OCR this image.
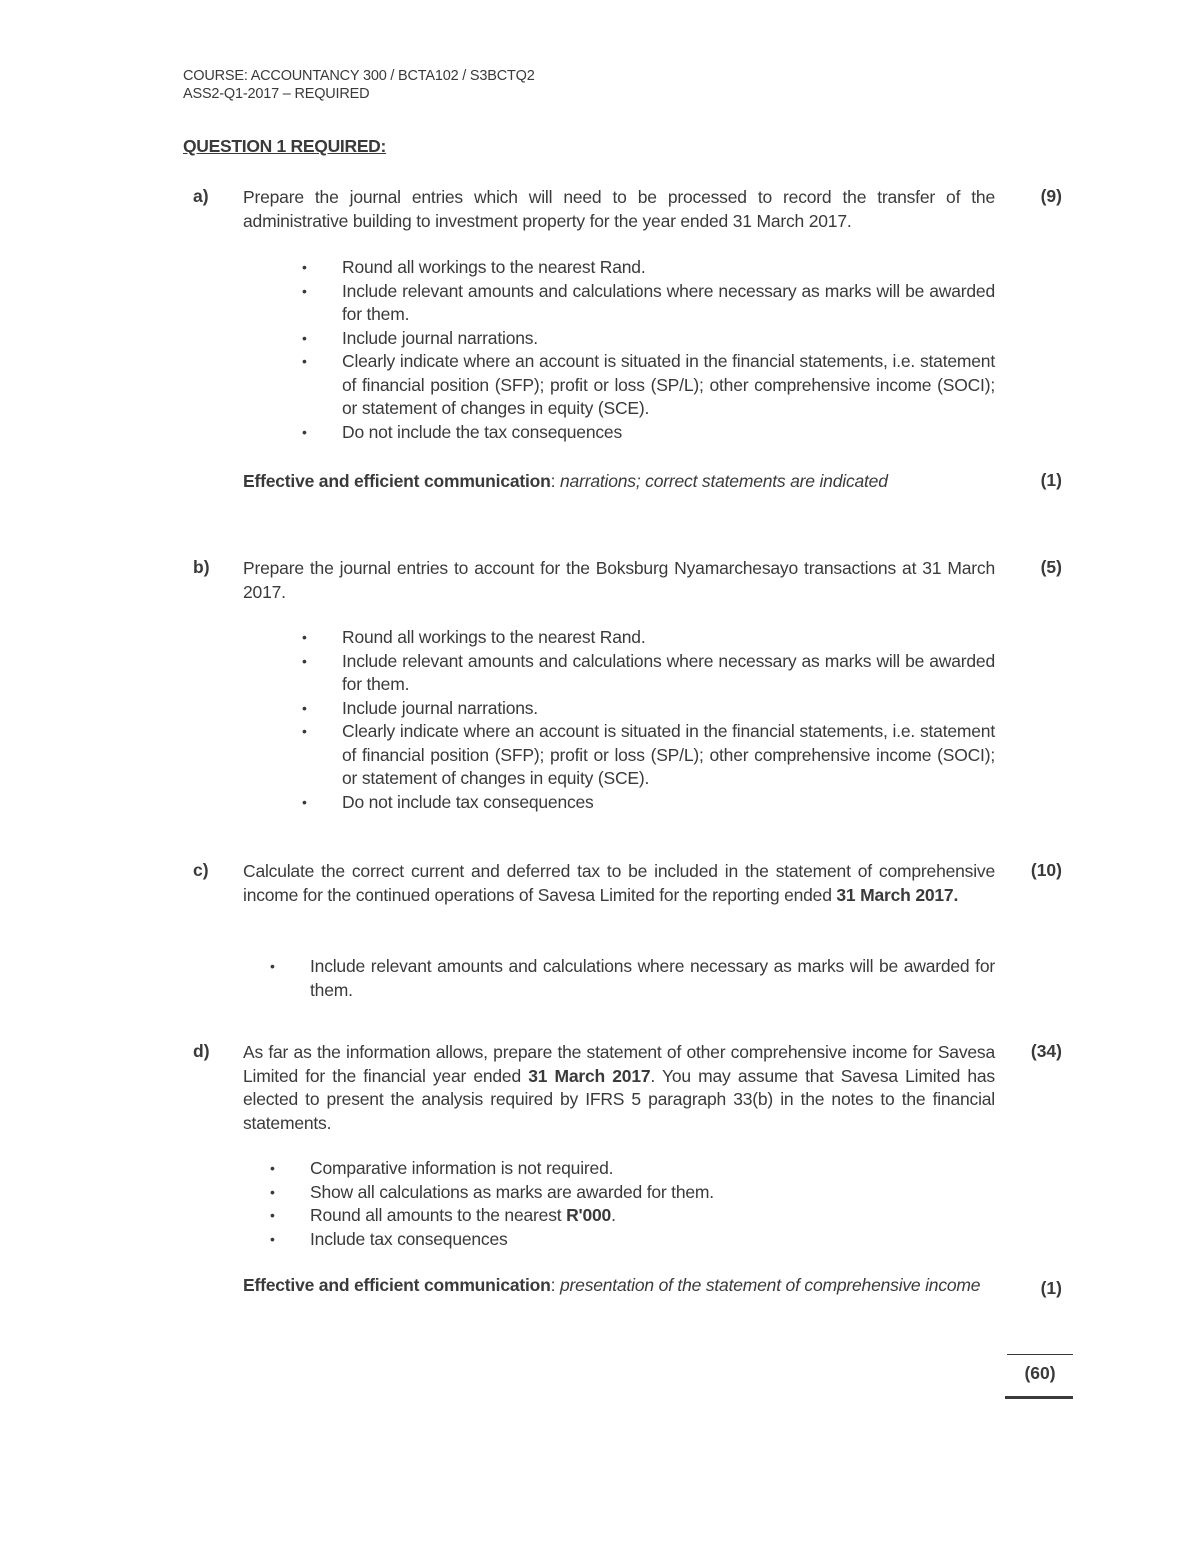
COURSE: ACCOUNTANCY 300 / BCTA102 / S3BCTQ2
ASS2-Q1-2017 – REQUIRED
QUESTION 1 REQUIRED:
a) Prepare the journal entries which will need to be processed to record the transfer of the administrative building to investment property for the year ended 31 March 2017.
(9)
• Round all workings to the nearest Rand.
• Include relevant amounts and calculations where necessary as marks will be awarded for them.
• Include journal narrations.
• Clearly indicate where an account is situated in the financial statements, i.e. statement of financial position (SFP); profit or loss (SP/L); other comprehensive income (SOCI); or statement of changes in equity (SCE).
• Do not include the tax consequences
Effective and efficient communication: narrations; correct statements are indicated	(1)
b) Prepare the journal entries to account for the Boksburg Nyamarchesayo transactions at 31 March 2017.
(5)
• Round all workings to the nearest Rand.
• Include relevant amounts and calculations where necessary as marks will be awarded for them.
• Include journal narrations.
• Clearly indicate where an account is situated in the financial statements, i.e. statement of financial position (SFP); profit or loss (SP/L); other comprehensive income (SOCI); or statement of changes in equity (SCE).
• Do not include tax consequences
c) Calculate the correct current and deferred tax to be included in the statement of comprehensive income for the continued operations of Savesa Limited for the reporting ended 31 March 2017.
(10)
• Include relevant amounts and calculations where necessary as marks will be awarded for them.
d) As far as the information allows, prepare the statement of other comprehensive income for Savesa Limited for the financial year ended 31 March 2017. You may assume that Savesa Limited has elected to present the analysis required by IFRS 5 paragraph 33(b) in the notes to the financial statements.
(34)
• Comparative information is not required.
• Show all calculations as marks are awarded for them.
• Round all amounts to the nearest R'000.
• Include tax consequences
Effective and efficient communication: presentation of the statement of comprehensive income	(1)
(60)
